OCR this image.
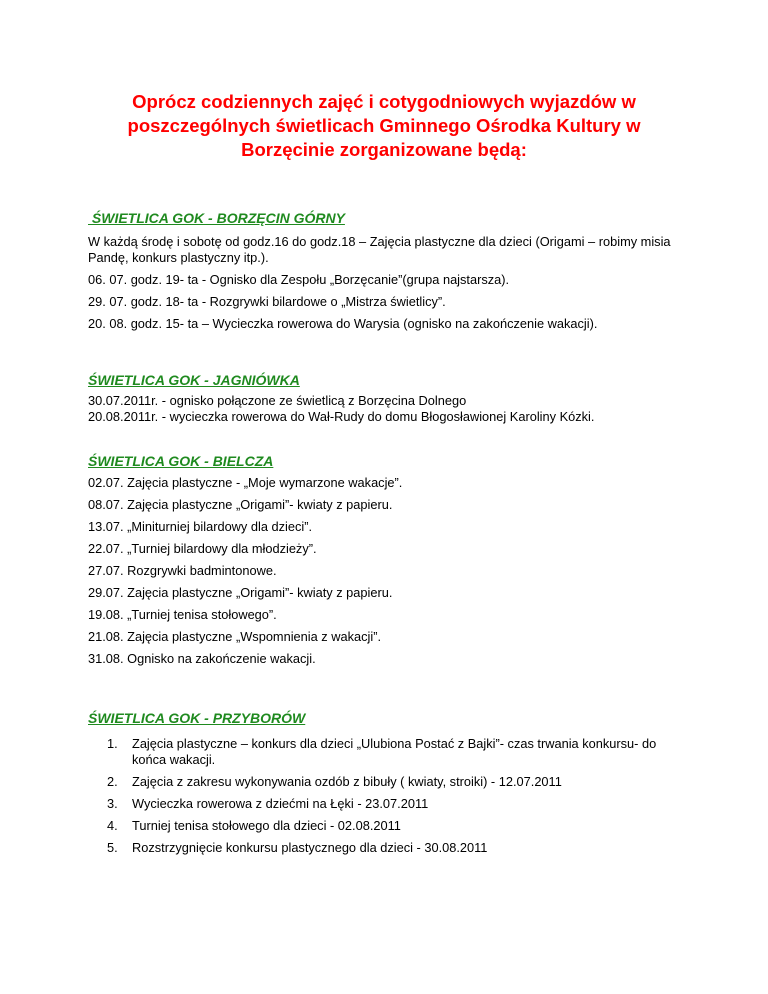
Oprócz codziennych zajęć i cotygodniowych wyjazdów w
poszczególnych świetlicach Gminnego Ośrodka Kultury w
Borzęcinie zorganizowane będą:

ŚWIETLICA GOK - BORZĘCIN GÓRNY

W każdą środę i sobotę od godz.16 do godz.18 – Zajęcia plastyczne dla dzieci (Origami – robimy misia Pandę, konkurs plastyczny itp.).

06. 07. godz. 19- ta - Ognisko dla Zespołu „Borzęcanie”(grupa najstarsza).

29. 07. godz. 18- ta - Rozgrywki bilardowe o „Mistrza świetlicy”.

20. 08. godz. 15- ta – Wycieczka rowerowa do Warysia (ognisko na zakończenie wakacji).

ŚWIETLICA GOK - JAGNIÓWKA

30.07.2011r. - ognisko połączone ze świetlicą z Borzęcina Dolnego

20.08.2011r. - wycieczka rowerowa do Wał-Rudy do domu Błogosławionej Karoliny Kózki.

ŚWIETLICA GOK - BIELCZA

02.07. Zajęcia plastyczne - „Moje wymarzone wakacje”.

08.07. Zajęcia plastyczne „Origami”- kwiaty z papieru.

13.07. „Miniturniej bilardowy dla dzieci”.

22.07. „Turniej bilardowy dla młodzieży”.

27.07. Rozgrywki badmintonowe.

29.07. Zajęcia plastyczne „Origami”- kwiaty z papieru.

19.08. „Turniej tenisa stołowego”.

21.08. Zajęcia plastyczne „Wspomnienia z wakacji”.

31.08. Ognisko na zakończenie wakacji.

ŚWIETLICA GOK - PRZYBORÓW

1. Zajęcia plastyczne – konkurs dla dzieci „Ulubiona Postać z Bajki”- czas trwania konkursu- do końca wakacji.
2. Zajęcia z zakresu wykonywania ozdób z bibuły ( kwiaty, stroiki) - 12.07.2011
3. Wycieczka rowerowa z dziećmi na Łęki - 23.07.2011
4. Turniej tenisa stołowego dla dzieci - 02.08.2011
5. Rozstrzygnięcie konkursu plastycznego dla dzieci - 30.08.2011
